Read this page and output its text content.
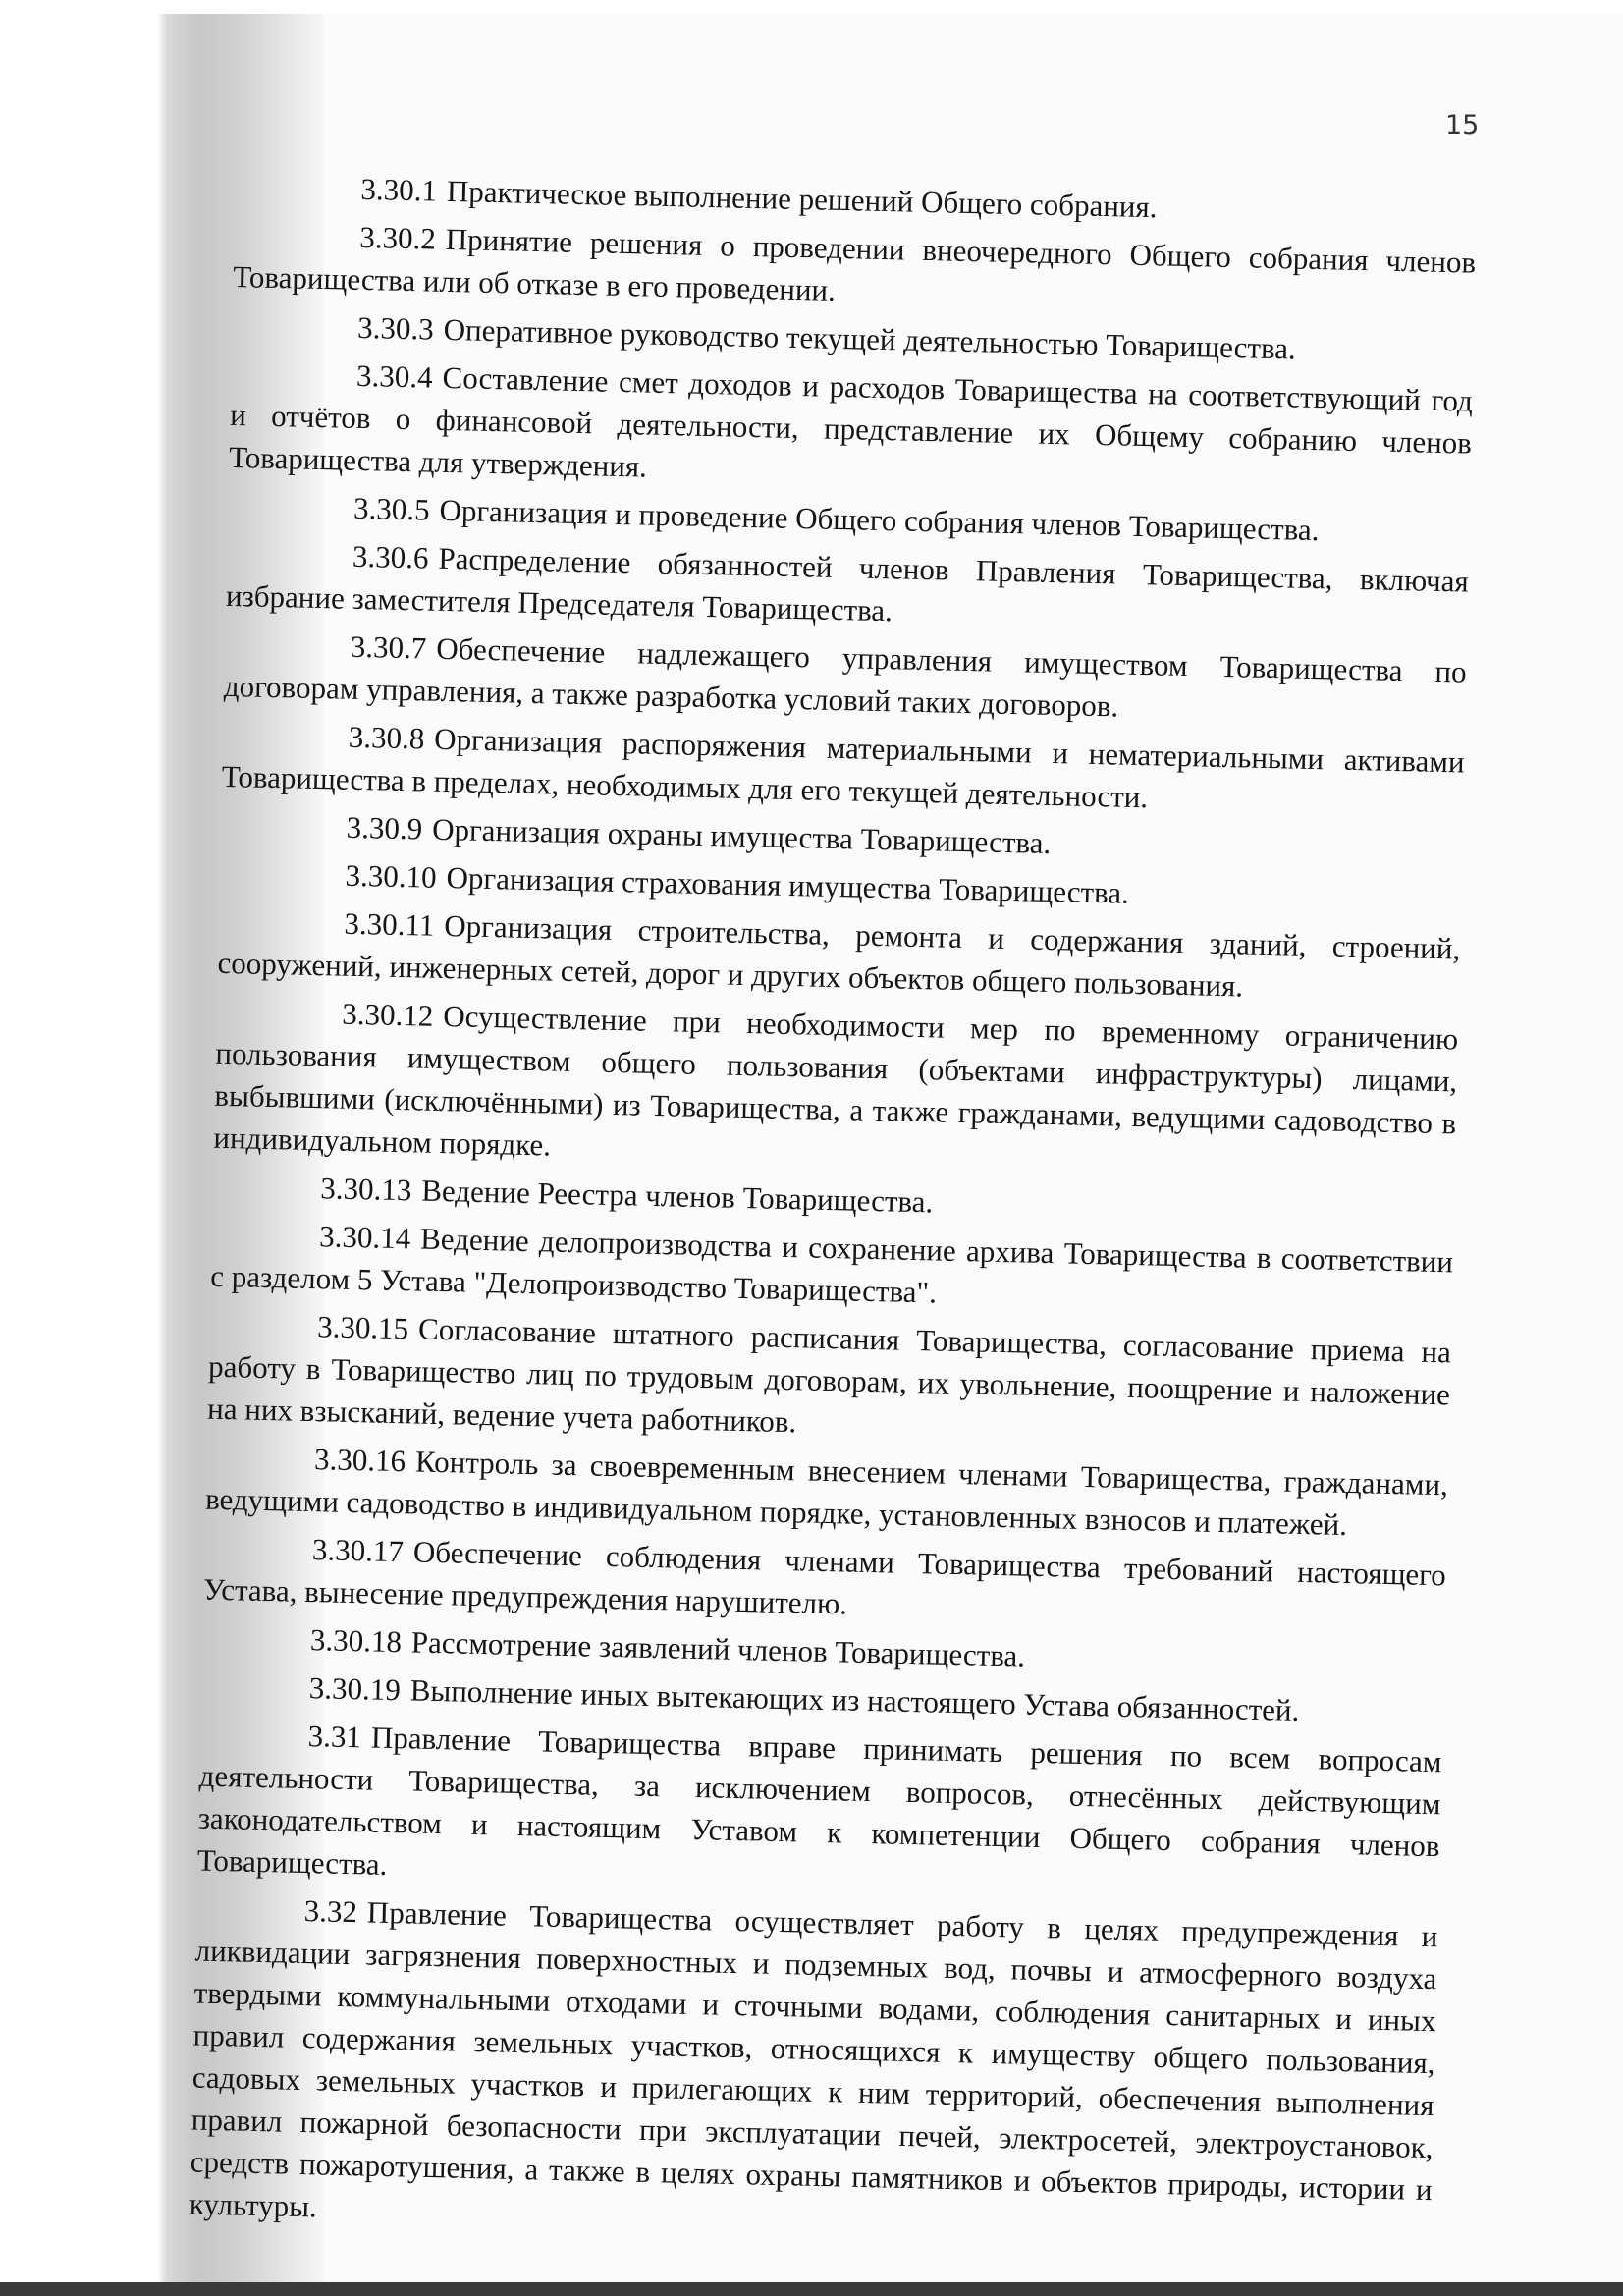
15

3.30.1 Практическое выполнение решений Общего собрания.

3.30.2 Принятие решения о проведении внеочередного Общего собрания членов Товарищества или об отказе в его проведении.

3.30.3 Оперативное руководство текущей деятельностью Товарищества.

3.30.4 Составление смет доходов и расходов Товарищества на соответствующий год и отчётов о финансовой деятельности, представление их Общему собранию членов Товарищества для утверждения.

3.30.5 Организация и проведение Общего собрания членов Товарищества.

3.30.6 Распределение обязанностей членов Правления Товарищества, включая избрание заместителя Председателя Товарищества.

3.30.7 Обеспечение надлежащего управления имуществом Товарищества по договорам управления, а также разработка условий таких договоров.

3.30.8 Организация распоряжения материальными и нематериальными активами Товарищества в пределах, необходимых для его текущей деятельности.

3.30.9 Организация охраны имущества Товарищества.

3.30.10 Организация страхования имущества Товарищества.

3.30.11 Организация строительства, ремонта и содержания зданий, строений, сооружений, инженерных сетей, дорог и других объектов общего пользования.

3.30.12 Осуществление при необходимости мер по временному ограничению пользования имуществом общего пользования (объектами инфраструктуры) лицами, выбывшими (исключёнными) из Товарищества, а также гражданами, ведущими садоводство в индивидуальном порядке.

3.30.13 Ведение Реестра членов Товарищества.

3.30.14 Ведение делопроизводства и сохранение архива Товарищества в соответствии с разделом 5 Устава "Делопроизводство Товарищества".

3.30.15 Согласование штатного расписания Товарищества, согласование приема на работу в Товарищество лиц по трудовым договорам, их увольнение, поощрение и наложение на них взысканий, ведение учета работников.

3.30.16 Контроль за своевременным внесением членами Товарищества, гражданами, ведущими садоводство в индивидуальном порядке, установленных взносов и платежей.

3.30.17 Обеспечение соблюдения членами Товарищества требований настоящего Устава, вынесение предупреждения нарушителю.

3.30.18 Рассмотрение заявлений членов Товарищества.

3.30.19 Выполнение иных вытекающих из настоящего Устава обязанностей.

3.31 Правление Товарищества вправе принимать решения по всем вопросам деятельности Товарищества, за исключением вопросов, отнесённых действующим законодательством и настоящим Уставом к компетенции Общего собрания членов Товарищества.

3.32 Правление Товарищества осуществляет работу в целях предупреждения и ликвидации загрязнения поверхностных и подземных вод, почвы и атмосферного воздуха твердыми коммунальными отходами и сточными водами, соблюдения санитарных и иных правил содержания земельных участков, относящихся к имуществу общего пользования, садовых земельных участков и прилегающих к ним территорий, обеспечения выполнения правил пожарной безопасности при эксплуатации печей, электросетей, электроустановок, средств пожаротушения, а также в целях охраны памятников и объектов природы, истории и культуры.
